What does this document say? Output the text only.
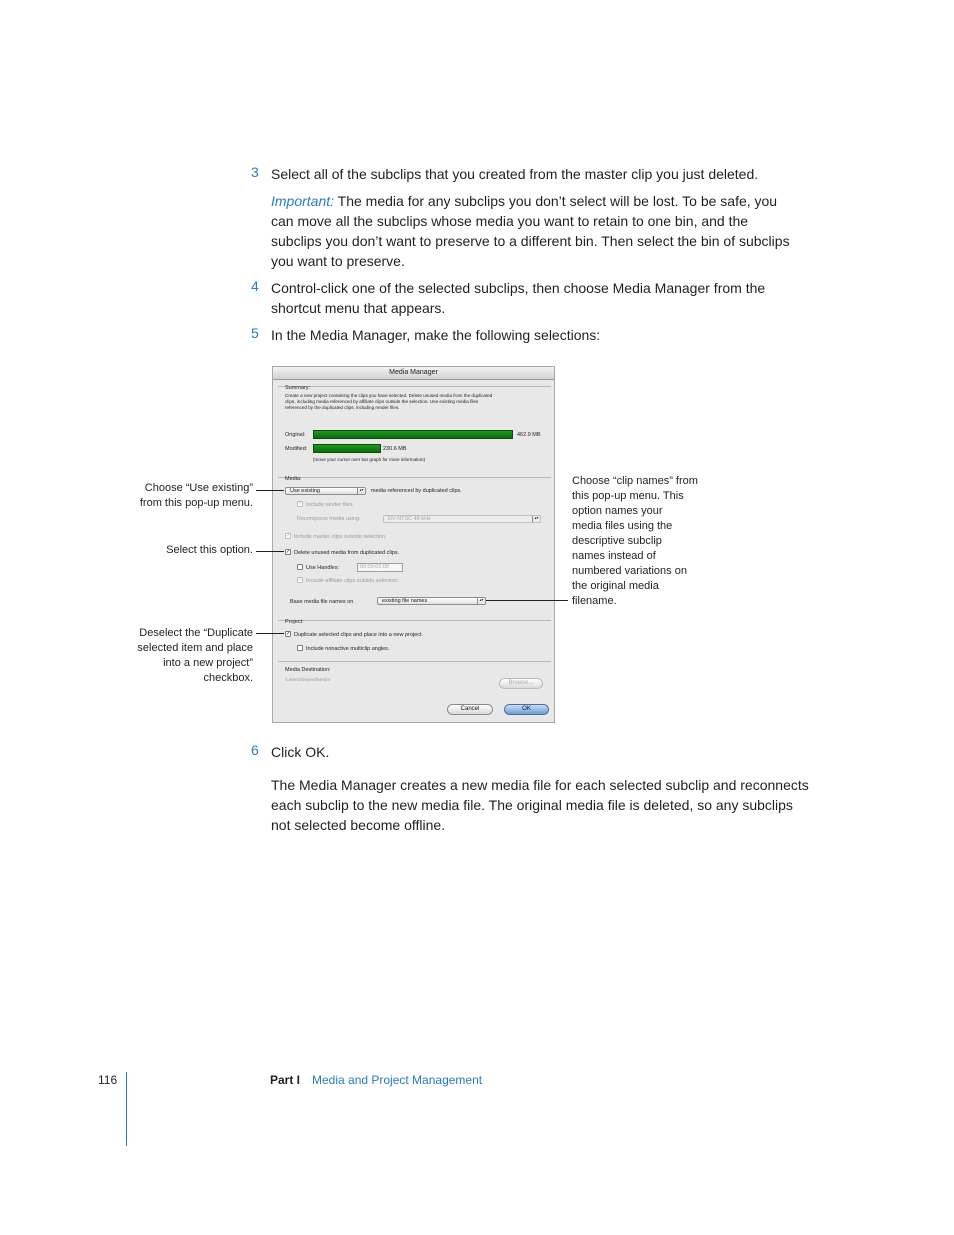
3 Select all of the subclips that you created from the master clip you just deleted.
Important: The media for any subclips you don’t select will be lost. To be safe, you
can move all the subclips whose media you want to retain to one bin, and the
subclips you don’t want to preserve to a different bin. Then select the bin of subclips
you want to preserve.
4 Control-click one of the selected subclips, then choose Media Manager from the
shortcut menu that appears.
5 In the Media Manager, make the following selections:
Media Manager
Summary:
Create a new project containing the clips you have selected. Delete unused media from the duplicated
clips, including media referenced by affiliate clips outside the selection. Use existing media files
referenced by the duplicated clips, including render files.
Original:	462.9 MB
Modified:	230.6 MB
(move your cursor over bar graph for more information)
Media:
Use existing	▴▾ media referenced by duplicated clips.
✓ Include render files.
Recompress media using:	DV NTSC 48 kHz	▴▾
✓ Include master clips outside selection.
✓ Delete unused media from duplicated clips.
Use Handles:	00:00:01;00
✓ Include affiliate clips outside selection.
Base media file names on	existing file names	▴▾
Project:
✓ Duplicate selected clips and place into a new project.
Include nonactive multiclip angles.
Media Destination:
/Users/Shared/Media	Browse...
Cancel	OK
Choose “Use existing”
from this pop-up menu.
Select this option.
Deselect the “Duplicate
selected item and place
into a new project”
checkbox.
Choose “clip names” from
this pop-up menu. This
option names your
media files using the
descriptive subclip
names instead of
numbered variations on
the original media
filename.
6 Click OK.
The Media Manager creates a new media file for each selected subclip and reconnects
each subclip to the new media file. The original media file is deleted, so any subclips
not selected become offline.
116	Part I Media and Project Management
